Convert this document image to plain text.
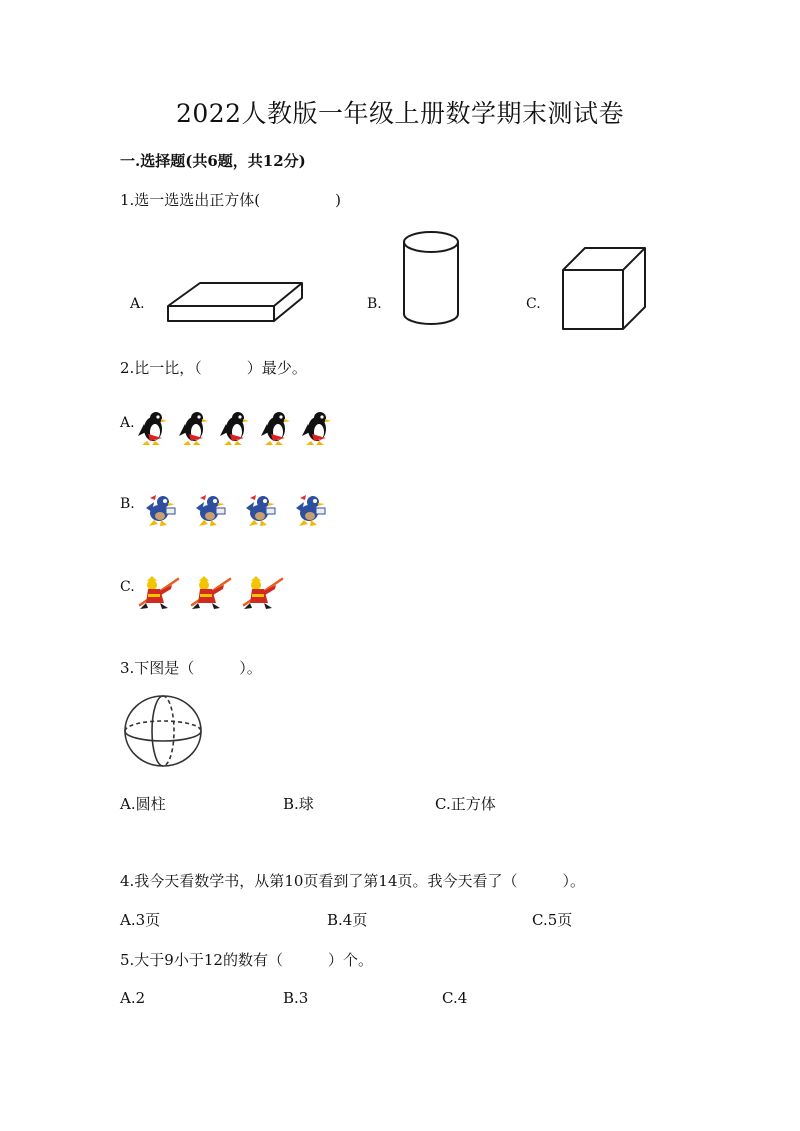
2022人教版一年级上册数学期末测试卷
一.选择题(共6题，共12分)
1.选一选选出正方体(　　　　　)
A.	B.	C.
2.比一比，（　　　）最少。
A.
B.
C.
3.下图是（　　　）。
A.圆柱	B.球	C.正方体
4.我今天看数学书，从第10页看到了第14页。我今天看了（　　　）。
A.3页	B.4页	C.5页
5.大于9小于12的数有（　　　）个。
A.2	B.3	C.4
